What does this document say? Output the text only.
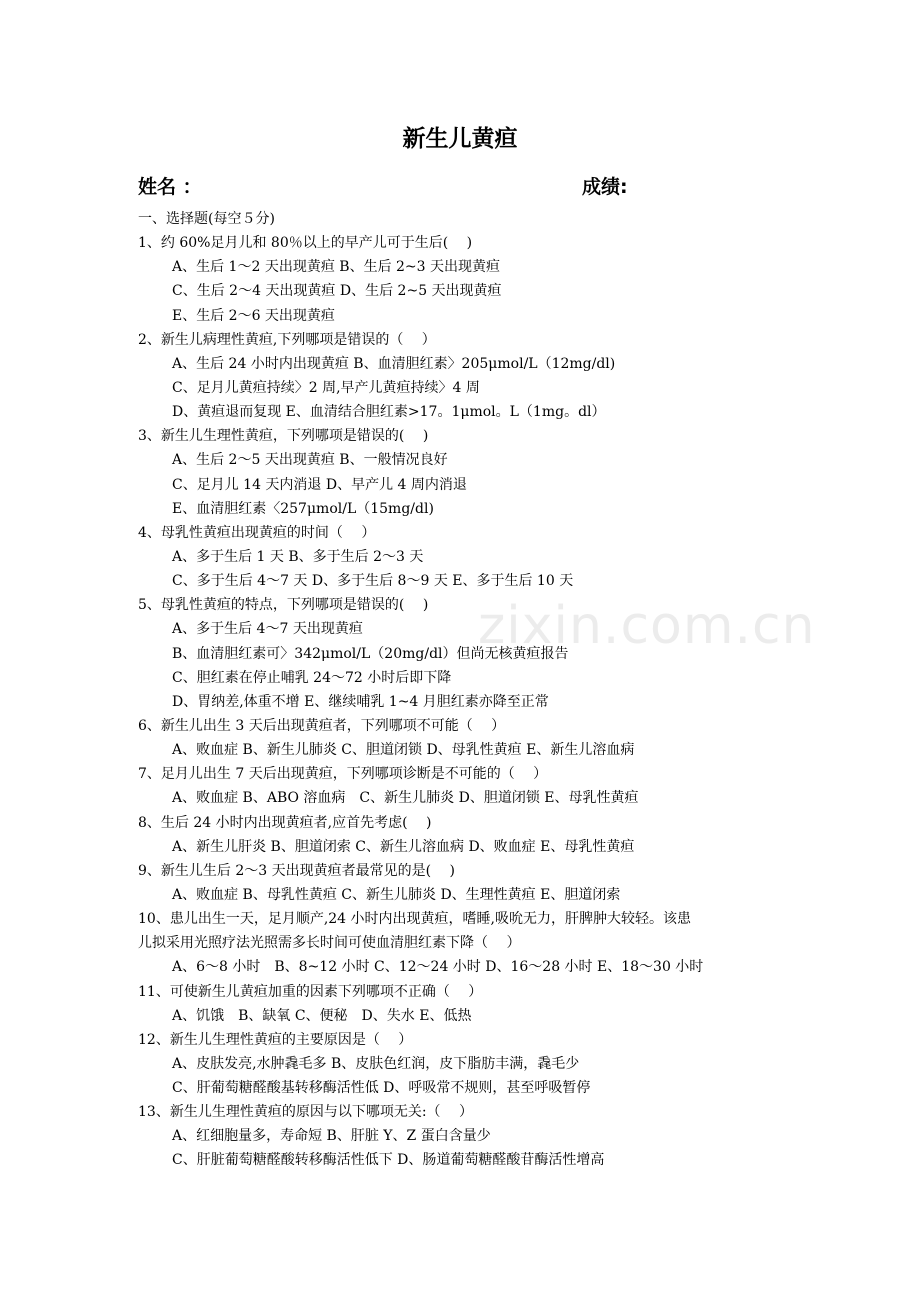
zixin.com.cn
新生儿黄疸
姓名 ：	成绩:
一、选择题(每空５分)
1、约 60%足月儿和 80％以上的早产儿可于生后(　 )
A、生后 1～2 天出现黄疸 B、生后 2~3 天出现黄疸
C、生后 2～4 天出现黄疸 D、生后 2~5 天出现黄疸
E、生后 2～6 天出现黄疸
2、新生儿病理性黄疸,下列哪项是错误的（　 ）
A、生后 24 小时内出现黄疸 B、血清胆红素〉205μmol/L（12mg/dl)
C、足月儿黄疸持续〉2 周,早产儿黄疸持续〉4 周
D、黄疸退而复现 E、血清结合胆红素>17。1μmol。L（1mg。dl）
3、新生儿生理性黄疸，下列哪项是错误的(　 )
A、生后 2～5 天出现黄疸 B、一般情况良好
C、足月儿 14 天内消退 D、早产儿 4 周内消退
E、血清胆红素〈257μmol/L（15mg/dl)
4、母乳性黄疸出现黄疸的时间（　 ）
A、多于生后 1 天 B、多于生后 2～3 天
C、多于生后 4～7 天 D、多于生后 8～9 天 E、多于生后 10 天
5、母乳性黄疸的特点，下列哪项是错误的(　 )
A、多于生后 4～7 天出现黄疸
B、血清胆红素可〉342μmol/L（20mg/dl）但尚无核黄疸报告
C、胆红素在停止哺乳 24～72 小时后即下降
D、胃纳差,体重不增 E、继续哺乳 1~4 月胆红素亦降至正常
6、新生儿出生 3 天后出现黄疸者，下列哪项不可能（　 ）
A、败血症 B、新生儿肺炎 C、胆道闭锁 D、母乳性黄疸 E、新生儿溶血病
7、足月儿出生 7 天后出现黄疸，下列哪项诊断是不可能的（　 ）
A、败血症 B、ABO 溶血病　C、新生儿肺炎 D、胆道闭锁 E、母乳性黄疸
8、生后 24 小时内出现黄疸者,应首先考虑(　 )
A、新生儿肝炎 B、胆道闭索 C、新生儿溶血病 D、败血症 E、母乳性黄疸
9、新生儿生后 2～3 天出现黄疸者最常见的是(　 )
A、败血症 B、母乳性黄疸 C、新生儿肺炎 D、生理性黄疸 E、胆道闭索
10、患儿出生一天，足月顺产,24 小时内出现黄疸，嗜睡,吸吮无力，肝脾肿大较轻。该患
儿拟采用光照疗法光照需多长时间可使血清胆红素下降（　 ）
A、6～8 小时　B、8~12 小时 C、12～24 小时 D、16～28 小时 E、18～30 小时
11、可使新生儿黄疸加重的因素下列哪项不正确（　 ）
A、饥饿　B、缺氧 C、便秘　D、失水 E、低热
12、新生儿生理性黄疸的主要原因是（　 ）
A、皮肤发亮,水肿毳毛多 B、皮肤色红润，皮下脂肪丰满，毳毛少
C、肝葡萄糖醛酸基转移酶活性低 D、呼吸常不规则，甚至呼吸暂停
13、新生儿生理性黄疸的原因与以下哪项无关:（　 ）
A、红细胞量多，寿命短 B、肝脏 Y、Z 蛋白含量少
C、肝脏葡萄糖醛酸转移酶活性低下 D、肠道葡萄糖醛酸苷酶活性增高
